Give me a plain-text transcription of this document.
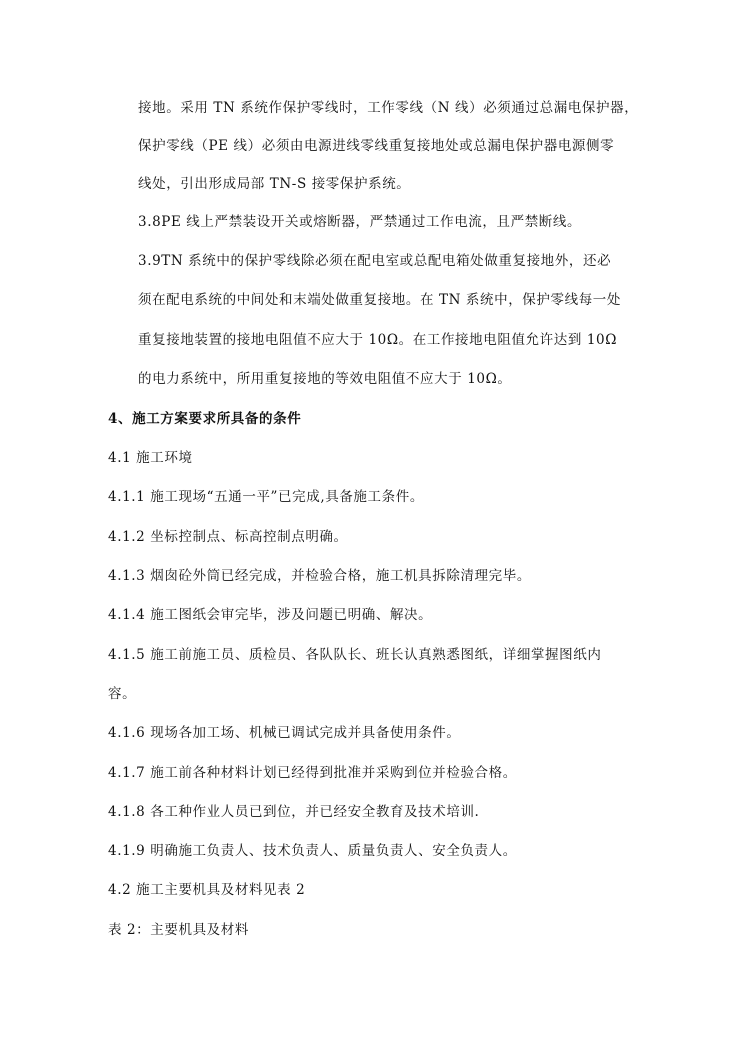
接地。采用 TN 系统作保护零线时，工作零线（N 线）必须通过总漏电保护器，
保护零线（PE 线）必须由电源进线零线重复接地处或总漏电保护器电源侧零
线处，引出形成局部 TN-S 接零保护系统。
3.8PE 线上严禁装设开关或熔断器，严禁通过工作电流，且严禁断线。
3.9TN 系统中的保护零线除必须在配电室或总配电箱处做重复接地外，还必
须在配电系统的中间处和末端处做重复接地。在 TN 系统中，保护零线每一处
重复接地装置的接地电阻值不应大于 10Ω。在工作接地电阻值允许达到 10Ω
的电力系统中，所用重复接地的等效电阻值不应大于 10Ω。
4、施工方案要求所具备的条件
4.1 施工环境
4.1.1 施工现场“五通一平”已完成,具备施工条件。
4.1.2 坐标控制点、标高控制点明确。
4.1.3 烟囱砼外筒已经完成，并检验合格，施工机具拆除清理完毕。
4.1.4 施工图纸会审完毕，涉及问题已明确、解决。
4.1.5 施工前施工员、质检员、各队队长、班长认真熟悉图纸，详细掌握图纸内
容。
4.1.6 现场各加工场、机械已调试完成并具备使用条件。
4.1.7 施工前各种材料计划已经得到批准并采购到位并检验合格。
4.1.8 各工种作业人员已到位，并已经安全教育及技术培训.
4.1.9 明确施工负责人、技术负责人、质量负责人、安全负责人。
4.2 施工主要机具及材料见表 2
表 2：主要机具及材料
